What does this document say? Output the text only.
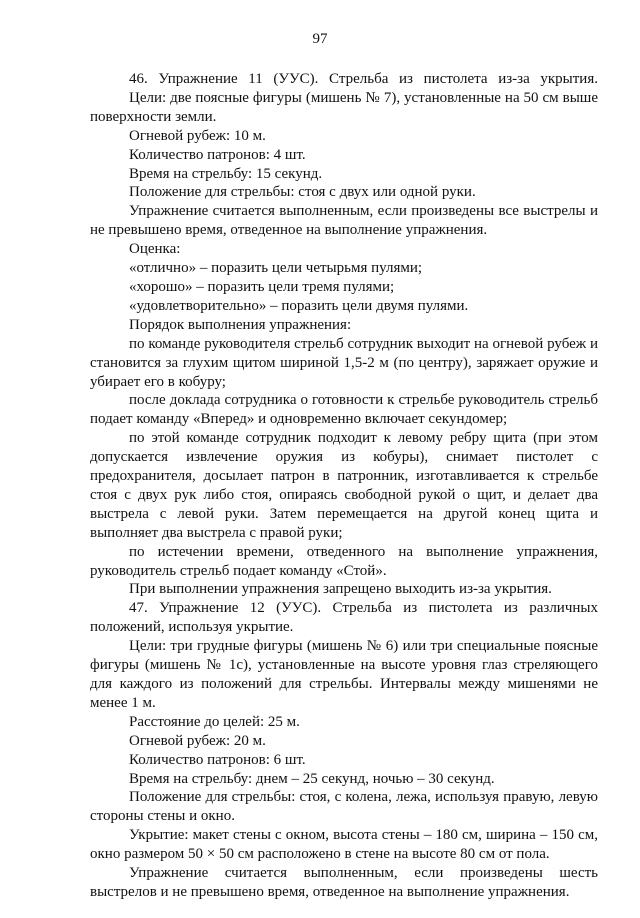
97

46. Упражнение 11 (УУС). Стрельба из пистолета из-за укрытия.

Цели: две поясные фигуры (мишень № 7), установленные на 50 см выше поверхности земли.

Огневой рубеж: 10 м.

Количество патронов: 4 шт.

Время на стрельбу: 15 секунд.

Положение для стрельбы: стоя с двух или одной руки.

Упражнение считается выполненным, если произведены все выстрелы и не превышено время, отведенное на выполнение упражнения.

Оценка:

«отлично» – поразить цели четырьмя пулями;

«хорошо» – поразить цели тремя пулями;

«удовлетворительно» – поразить цели двумя пулями.

Порядок выполнения упражнения:

по команде руководителя стрельб сотрудник выходит на огневой рубеж и становится за глухим щитом шириной 1,5-2 м (по центру), заряжает оружие и убирает его в кобуру;

после доклада сотрудника о готовности к стрельбе руководитель стрельб подает команду «Вперед» и одновременно включает секундомер;

по этой команде сотрудник подходит к левому ребру щита (при этом допускается извлечение оружия из кобуры), снимает пистолет с предохранителя, досылает патрон в патронник, изготавливается к стрельбе стоя с двух рук либо стоя, опираясь свободной рукой о щит, и делает два выстрела с левой руки. Затем перемещается на другой конец щита и выполняет два выстрела с правой руки;

по истечении времени, отведенного на выполнение упражнения, руководитель стрельб подает команду «Стой».

При выполнении упражнения запрещено выходить из-за укрытия.

47. Упражнение 12 (УУС). Стрельба из пистолета из различных положений, используя укрытие.

Цели: три грудные фигуры (мишень № 6) или три специальные поясные фигуры (мишень № 1с), установленные на высоте уровня глаз стреляющего для каждого из положений для стрельбы. Интервалы между мишенями не менее 1 м.

Расстояние до целей: 25 м.

Огневой рубеж: 20 м.

Количество патронов: 6 шт.

Время на стрельбу: днем – 25 секунд, ночью – 30 секунд.

Положение для стрельбы: стоя, с колена, лежа, используя правую, левую стороны стены и окно.

Укрытие: макет стены с окном, высота стены – 180 см, ширина – 150 см, окно размером 50 × 50 см расположено в стене на высоте 80 см от пола.

Упражнение считается выполненным, если произведены шесть выстрелов и не превышено время, отведенное на выполнение упражнения.
